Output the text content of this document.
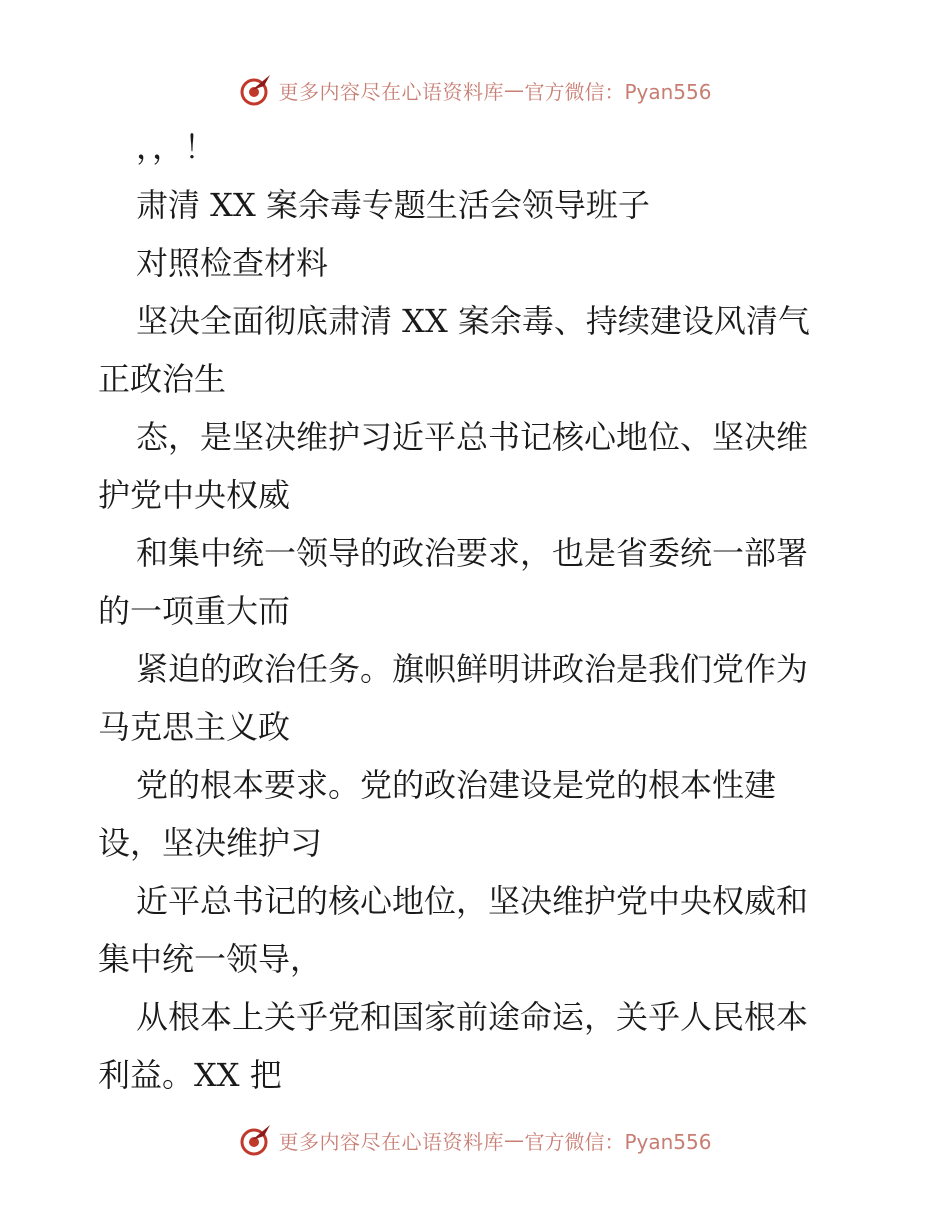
更多内容尽在心语资料库 — 官方微信：Pyan556
，，！
肃清 XX 案余毒专题生活会领导班子
对照检查材料
坚决全面彻底肃清 XX 案余毒、持续建设风清气
正政治生
态，是坚决维护习近平总书记核心地位、坚决维
护党中央权威
和集中统一领导的政治要求，也是省委统一部署
的一项重大而
紧迫的政治任务。旗帜鲜明讲政治是我们党作为
马克思主义政
党的根本要求。党的政治建设是党的根本性建
设，坚决维护习
近平总书记的核心地位，坚决维护党中央权威和
集中统一领导，
从根本上关乎党和国家前途命运，关乎人民根本
利益。XX 把
更多内容尽在心语资料库 — 官方微信：Pyan556
